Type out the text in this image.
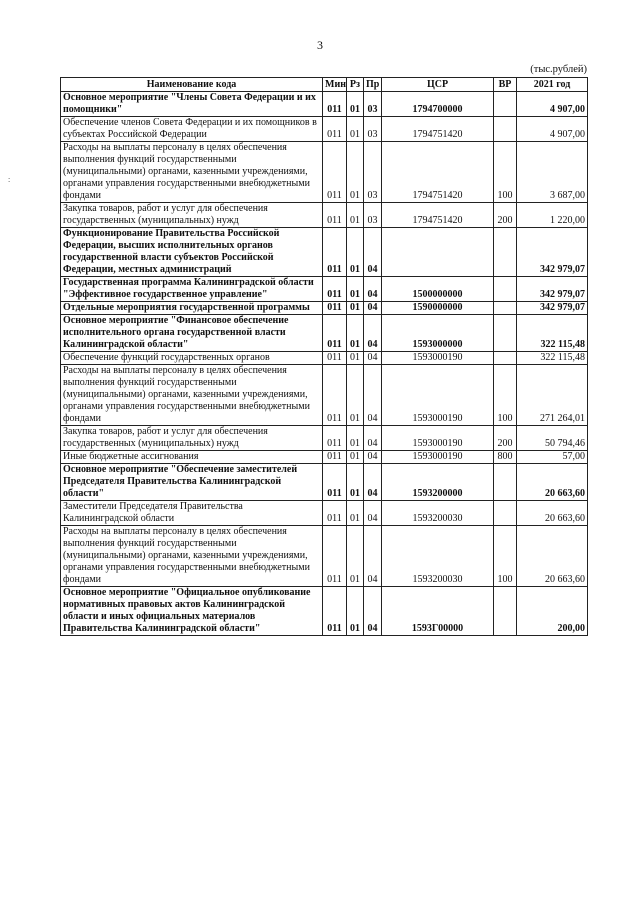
3
:
(тыс.рублей)
Наименование кода	Мин	Рз	Пр	ЦСР	ВР	2021 год
Основное мероприятие "Члены Совета Федерации и их помощники"	011	01	03	1794700000		4 907,00
Обеспечение членов Совета Федерации и их помощников в субъектах Российской Федерации	011	01	03	1794751420		4 907,00
Расходы на выплаты персоналу в целях обеспечения выполнения функций государственными (муниципальными) органами, казенными учреждениями, органами управления государственными внебюджетными фондами	011	01	03	1794751420	100	3 687,00
Закупка товаров, работ и услуг для обеспечения государственных (муниципальных) нужд	011	01	03	1794751420	200	1 220,00
Функционирование Правительства Российской Федерации, высших исполнительных органов государственной власти субъектов Российской Федерации, местных администраций	011	01	04			342 979,07
Государственная программа Калининградской области "Эффективное государственное управление"	011	01	04	1500000000		342 979,07
Отдельные мероприятия государственной программы	011	01	04	1590000000		342 979,07
Основное мероприятие "Финансовое обеспечение исполнительного органа государственной власти Калининградской области"	011	01	04	1593000000		322 115,48
Обеспечение функций государственных органов	011	01	04	1593000190		322 115,48
Расходы на выплаты персоналу в целях обеспечения выполнения функций государственными (муниципальными) органами, казенными учреждениями, органами управления государственными внебюджетными фондами	011	01	04	1593000190	100	271 264,01
Закупка товаров, работ и услуг для обеспечения государственных (муниципальных) нужд	011	01	04	1593000190	200	50 794,46
Иные бюджетные ассигнования	011	01	04	1593000190	800	57,00
Основное мероприятие "Обеспечение заместителей Председателя Правительства Калининградской области"	011	01	04	1593200000		20 663,60
Заместители Председателя Правительства Калининградской области	011	01	04	1593200030		20 663,60
Расходы на выплаты персоналу в целях обеспечения выполнения функций государственными (муниципальными) органами, казенными учреждениями, органами управления государственными внебюджетными фондами	011	01	04	1593200030	100	20 663,60
Основное мероприятие "Официальное опубликование нормативных правовых актов Калининградской области и иных официальных материалов Правительства Калининградской области"	011	01	04	1593Г00000		200,00
